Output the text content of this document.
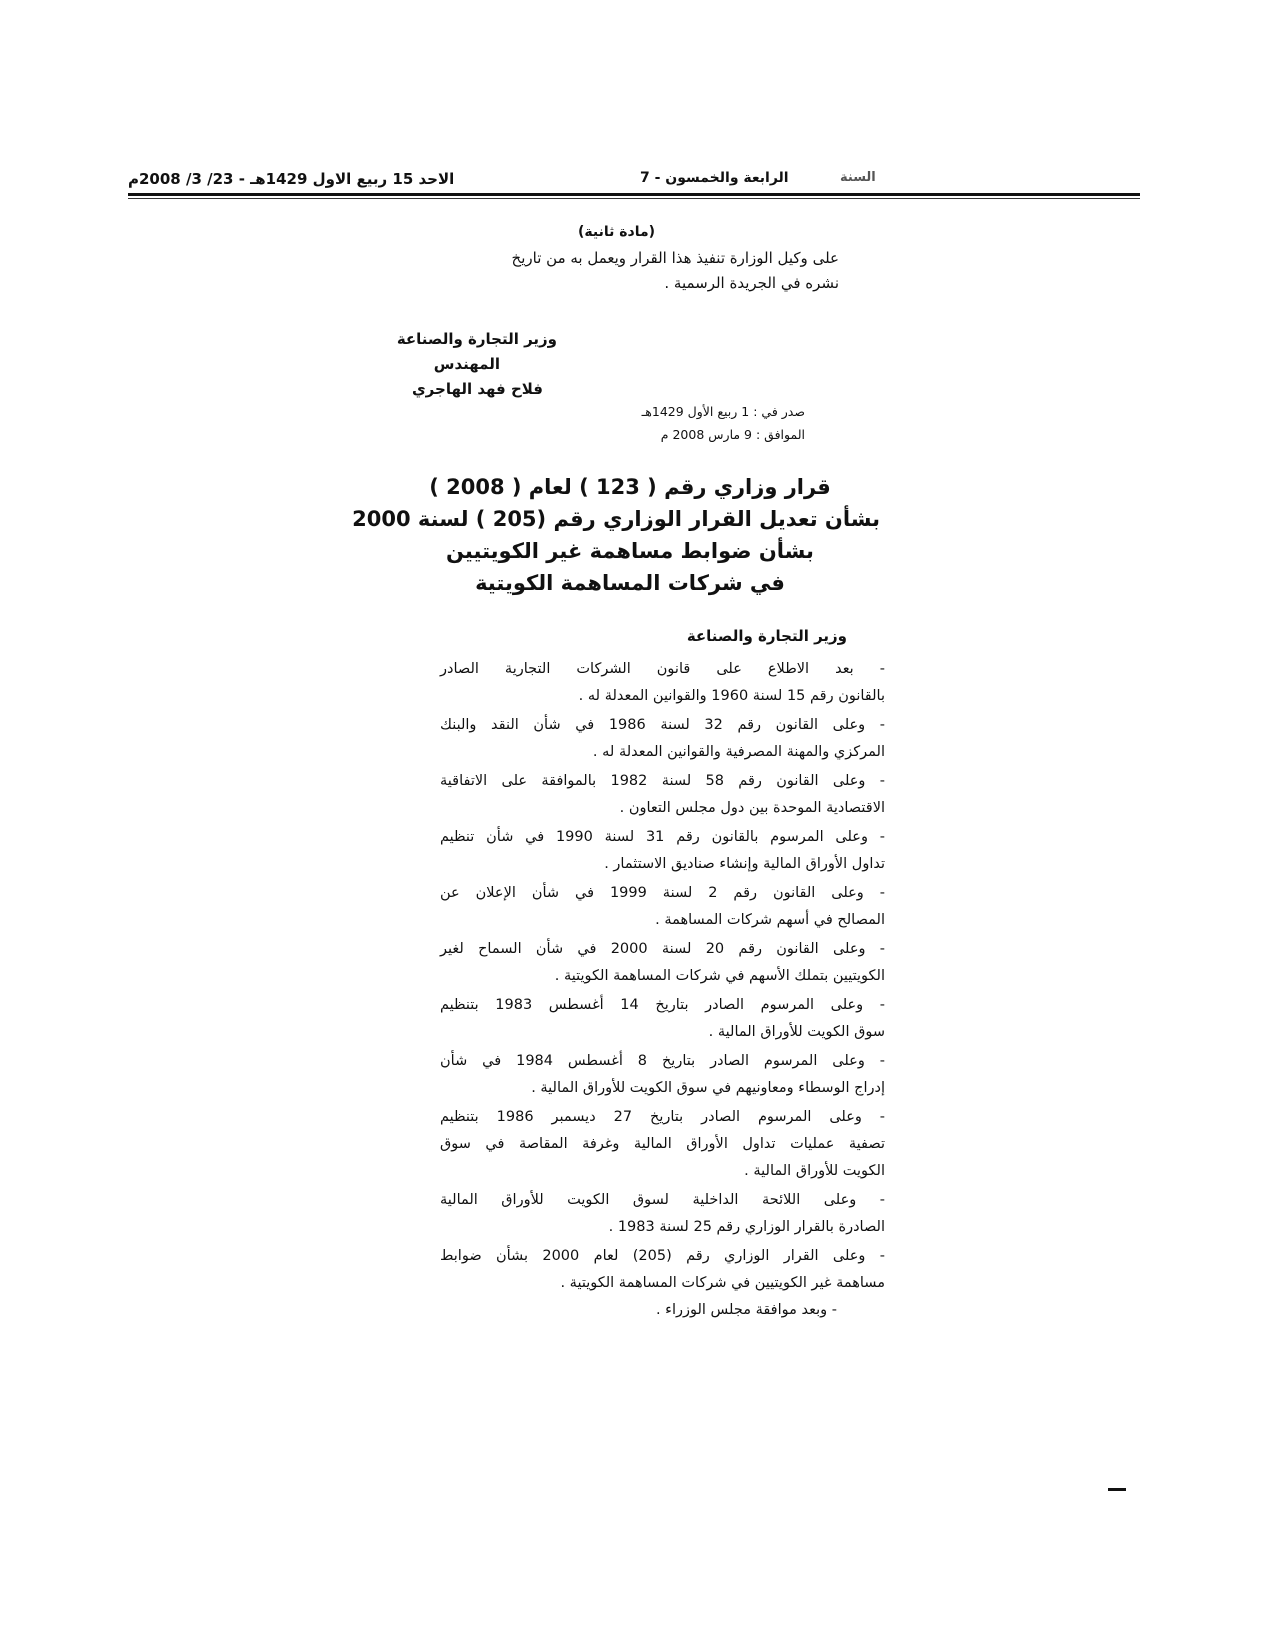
الاحد 15 ربيع الاول 1429هـ - 23/ 3/ 2008م	الرابعة والخمسون - 7	السنة
(مادة ثانية)
على وكيل الوزارة تنفيذ هذا القرار ويعمل به من تاريخ
نشره في الجريدة الرسمية .
وزير التجارة والصناعة
المهندس
فلاح فهد الهاجري
صدر في : 1 ربيع الأول 1429هـ
الموافق : 9 مارس 2008 م
قرار وزاري رقم ( 123 ) لعام ( 2008 )
بشأن تعديل القرار الوزاري رقم (205 ) لسنة 2000
بشأن ضوابط مساهمة غير الكويتيين
في شركات المساهمة الكويتية
وزير التجارة والصناعة
- بعد الاطلاع على قانون الشركات التجارية الصادر
بالقانون رقم 15 لسنة 1960 والقوانين المعدلة له .
- وعلى القانون رقم 32 لسنة 1986 في شأن النقد والبنك
المركزي والمهنة المصرفية والقوانين المعدلة له .
- وعلى القانون رقم 58 لسنة 1982 بالموافقة على الاتفاقية
الاقتصادية الموحدة بين دول مجلس التعاون .
- وعلى المرسوم بالقانون رقم 31 لسنة 1990 في شأن تنظيم
تداول الأوراق المالية وإنشاء صناديق الاستثمار .
- وعلى القانون رقم 2 لسنة 1999 في شأن الإعلان عن
المصالح في أسهم شركات المساهمة .
- وعلى القانون رقم 20 لسنة 2000 في شأن السماح لغير
الكويتيين بتملك الأسهم في شركات المساهمة الكويتية .
- وعلى المرسوم الصادر بتاريخ 14 أغسطس 1983 بتنظيم
سوق الكويت للأوراق المالية .
- وعلى المرسوم الصادر بتاريخ 8 أغسطس 1984 في شأن
إدراج الوسطاء ومعاونيهم في سوق الكويت للأوراق المالية .
- وعلى المرسوم الصادر بتاريخ 27 ديسمبر 1986 بتنظيم
تصفية عمليات تداول الأوراق المالية وغرفة المقاصة في سوق
الكويت للأوراق المالية .
- وعلى اللائحة الداخلية لسوق الكويت للأوراق المالية
الصادرة بالقرار الوزاري رقم 25 لسنة 1983 .
- وعلى القرار الوزاري رقم (205) لعام 2000 بشأن ضوابط
مساهمة غير الكويتيين في شركات المساهمة الكويتية .
- وبعد موافقة مجلس الوزراء .
